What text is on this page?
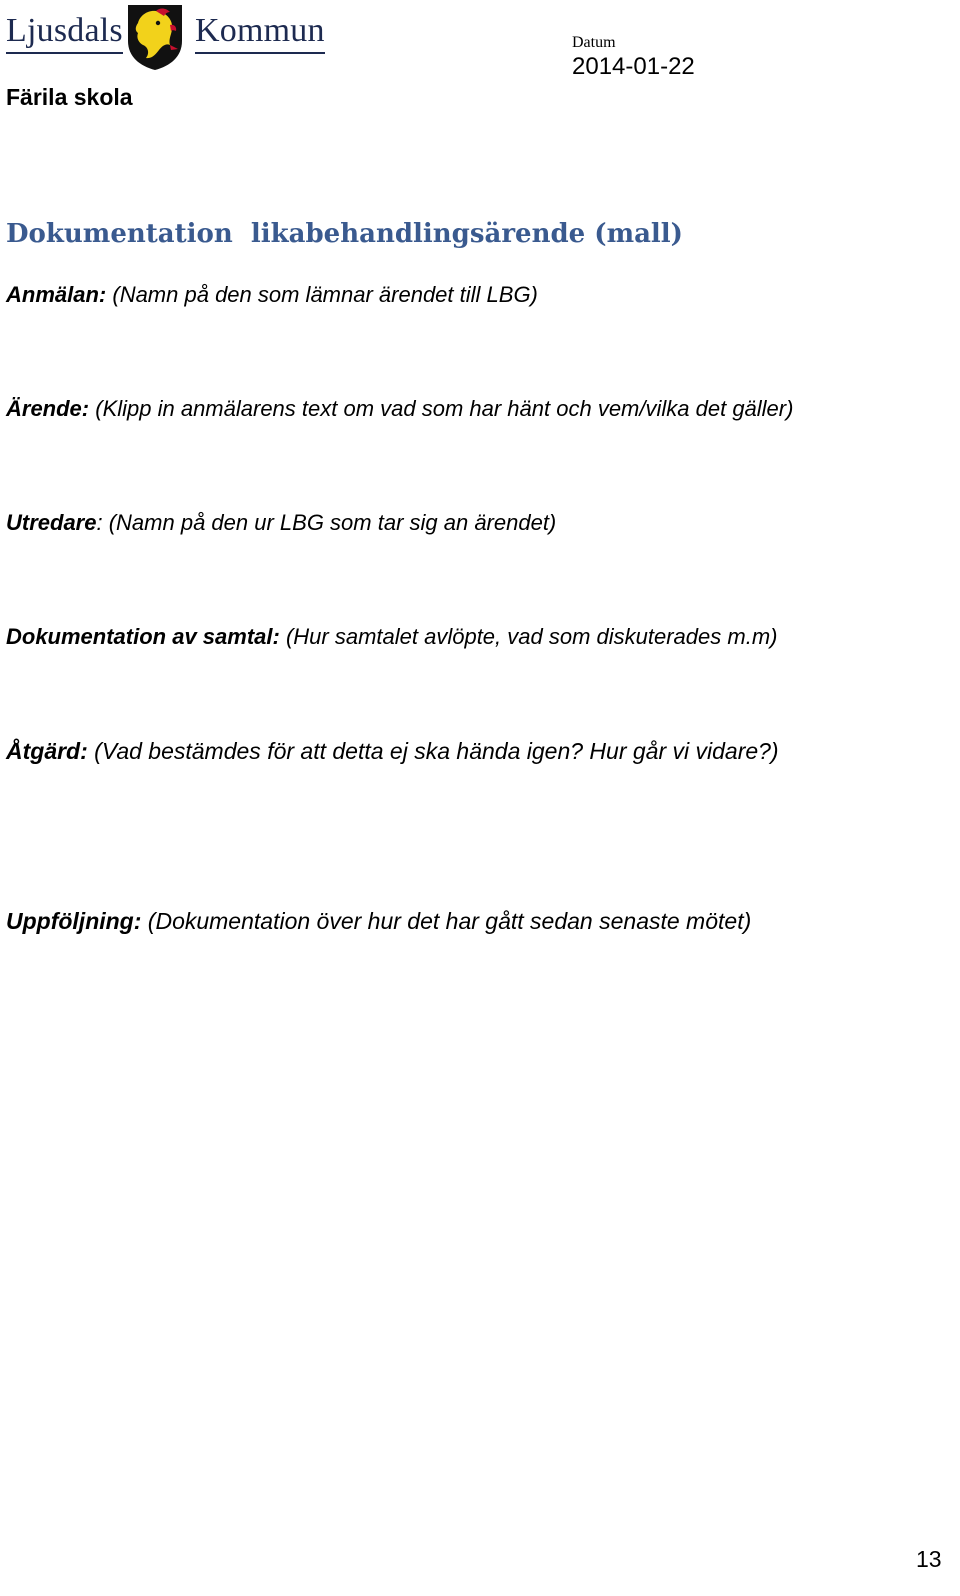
Ljusdals Kommun	Datum
2014-01-22
Färila skola
Dokumentation  likabehandlingsärende (mall)
Anmälan: (Namn på den som lämnar ärendet till LBG)
Ärende: (Klipp in anmälarens text om vad som har hänt och vem/vilka det gäller)
Utredare: (Namn på den ur LBG som tar sig an ärendet)
Dokumentation av samtal: (Hur samtalet avlöpte, vad som diskuterades m.m)
Åtgärd: (Vad bestämdes för att detta ej ska hända igen? Hur går vi vidare?)
Uppföljning: (Dokumentation över hur det har gått sedan senaste mötet)
13
